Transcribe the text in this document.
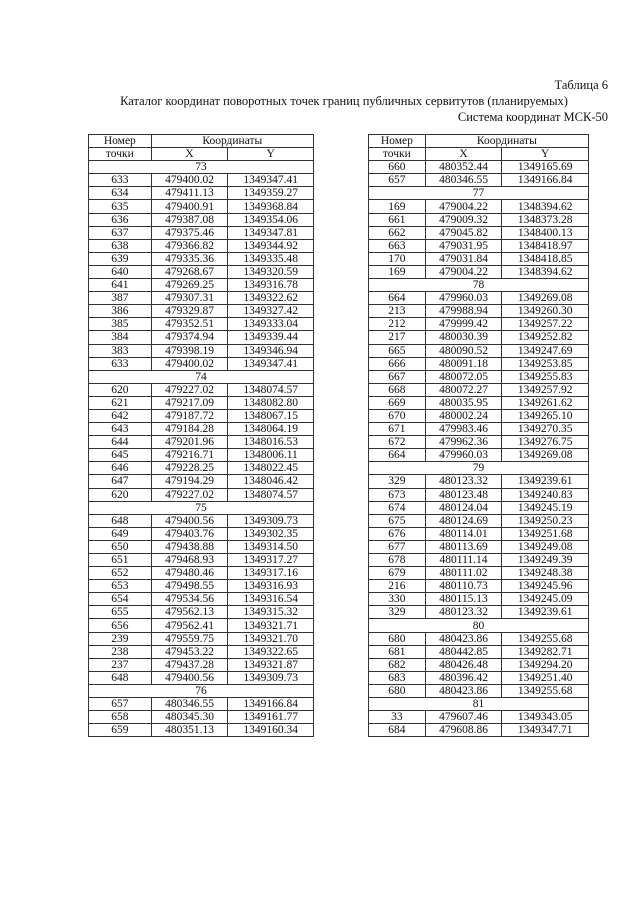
Таблица 6
Каталог координат поворотных точек границ публичных сервитутов (планируемых)
Система координат МСК-50
Номер	Координаты	
точки	X	Y
73		
633	479400.02	1349347.41
634	479411.13	1349359.27
635	479400.91	1349368.84
636	479387.08	1349354.06
637	479375.46	1349347.81
638	479366.82	1349344.92
639	479335.36	1349335.48
640	479268.67	1349320.59
641	479269.25	1349316.78
387	479307.31	1349322.62
386	479329.87	1349327.42
385	479352.51	1349333.04
384	479374.94	1349339.44
383	479398.19	1349346.94
633	479400.02	1349347.41
74		
620	479227.02	1348074.57
621	479217.09	1348082.80
642	479187.72	1348067.15
643	479184.28	1348064.19
644	479201.96	1348016.53
645	479216.71	1348006.11
646	479228.25	1348022.45
647	479194.29	1348046.42
620	479227.02	1348074.57
75		
648	479400.56	1349309.73
649	479403.76	1349302.35
650	479438.88	1349314.50
651	479468.93	1349317.27
652	479480.46	1349317.16
653	479498.55	1349316.93
654	479534.56	1349316.54
655	479562.13	1349315.32
656	479562.41	1349321.71
239	479559.75	1349321.70
238	479453.22	1349322.65
237	479437.28	1349321.87
648	479400.56	1349309.73
76		
657	480346.55	1349166.84
658	480345.30	1349161.77
659	480351.13	1349160.34
Номер	Координаты	
точки	X	Y
660	480352.44	1349165.69
657	480346.55	1349166.84
77		
169	479004.22	1348394.62
661	479009.32	1348373.28
662	479045.82	1348400.13
663	479031.95	1348418.97
170	479031.84	1348418.85
169	479004.22	1348394.62
78		
664	479960.03	1349269.08
213	479988.94	1349260.30
212	479999.42	1349257.22
217	480030.39	1349252.82
665	480090.52	1349247.69
666	480091.18	1349253.85
667	480072.05	1349255.83
668	480072.27	1349257.92
669	480035.95	1349261.62
670	480002.24	1349265.10
671	479983.46	1349270.35
672	479962.36	1349276.75
664	479960.03	1349269.08
79		
329	480123.32	1349239.61
673	480123.48	1349240.83
674	480124.04	1349245.19
675	480124.69	1349250.23
676	480114.01	1349251.68
677	480113.69	1349249.08
678	480111.14	1349249.39
679	480111.02	1349248.38
216	480110.73	1349245.96
330	480115.13	1349245.09
329	480123.32	1349239.61
80		
680	480423.86	1349255.68
681	480442.85	1349282.71
682	480426.48	1349294.20
683	480396.42	1349251.40
680	480423.86	1349255.68
81		
33	479607.46	1349343.05
684	479608.86	1349347.71
